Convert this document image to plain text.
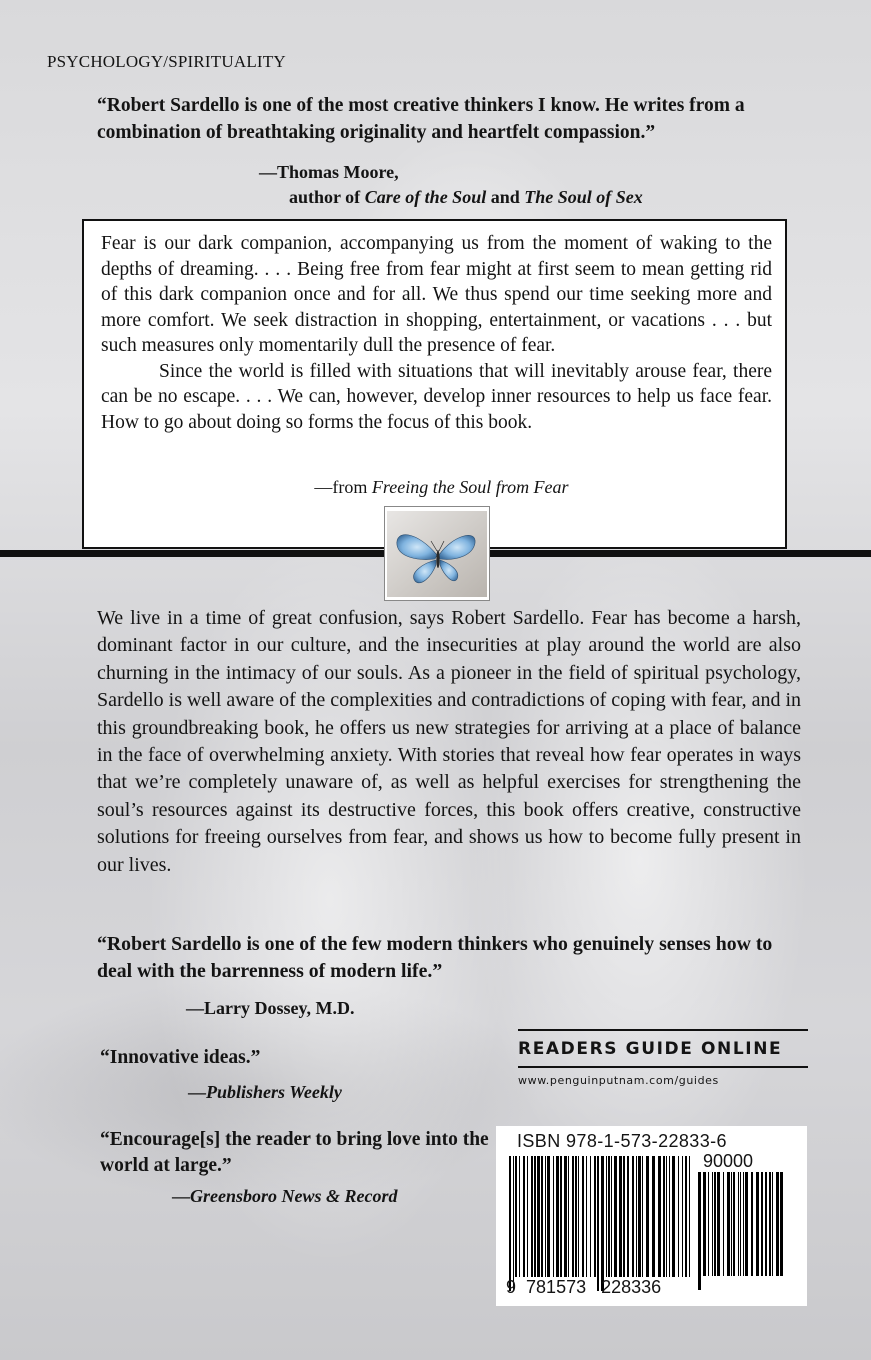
PSYCHOLOGY/SPIRITUALITY
“Robert Sardello is one of the most creative thinkers I know. He writes from a combination of breathtaking originality and heartfelt compassion.”
—Thomas Moore,
author of Care of the Soul and The Soul of Sex

Fear is our dark companion, accompanying us from the moment of waking to the depths of dreaming. . . . Being free from fear might at first seem to mean getting rid of this dark companion once and for all. We thus spend our time seeking more and more comfort. We seek distraction in shopping, entertainment, or vacations . . . but such measures only momentarily dull the presence of fear.

Since the world is filled with situations that will inevitably arouse fear, there can be no escape. . . . We can, however, develop inner resources to help us face fear. How to go about doing so forms the focus of this book.

—from Freeing the Soul from Fear
We live in a time of great confusion, says Robert Sardello. Fear has become a harsh, dominant factor in our culture, and the insecurities at play around the world are also churning in the intimacy of our souls. As a pioneer in the field of spiritual psychology, Sardello is well aware of the complexities and contradictions of coping with fear, and in this groundbreaking book, he offers us new strategies for arriving at a place of balance in the face of overwhelming anxiety. With stories that reveal how fear operates in ways that we’re completely unaware of, as well as helpful exercises for strengthening the soul’s resources against its destructive forces, this book offers creative, constructive solutions for freeing ourselves from fear, and shows us how to become fully present in our lives.
“Robert Sardello is one of the few modern thinkers who genuinely senses how to deal with the barrenness of modern life.”
—Larry Dossey, M.D.
“Innovative ideas.”
—Publishers Weekly
“Encourage[s] the reader to bring love into the world at large.”
—Greensboro News & Record
READERS GUIDE ONLINE
www.penguinputnam.com/guides
ISBN 978-1-573-22833-6
90000
9 781573 228336
